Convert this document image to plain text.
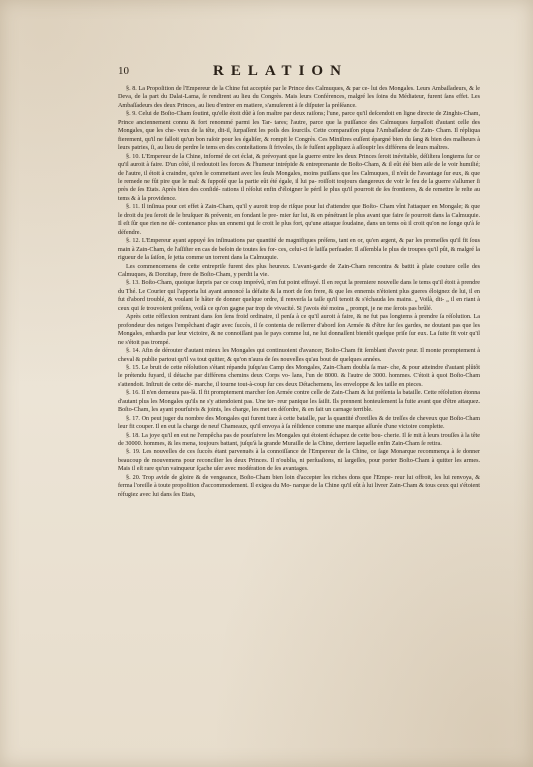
10	RELATION

§. 8. La Propoſition de l'Empereur de la Chine fut acceptée par le Prince des Calmuques, & par ce- lui des Mongales. Leurs Ambaſſadeurs, & le Deva, de la part du Dalai-Lama, ſe rendirent au lieu du Congrès. Mais leurs Conférences, malgré les ſoins du Médiateur, furent ſans effet. Les Ambaſſadeurs des deux Princes, au lieu d'entrer en matiere, s'amuſerent à ſe diſputer la préſéance.

§. 9. Celui de Boſto-Cham ſoutint, qu'elle étoit dûë à ſon maître par deux raiſons; l'une, parce qu'il deſcendoit en ligne directe de Zinghis-Cham, Prince anciennement connu & fort renommé parmi les Tar- tares; l'autre, parce que la puiſſance des Calmuques ſurpaſſoit d'autant celle des Mongales, que les che- veux de la tête, dit-il, ſurpaſſent les poils des ſourcils. Cette comparaiſon piqua l'Ambaſſadeur de Zain- Cham. Il répliqua fierement, qu'il ne falloit qu'un bon raſoir pour les égaliſer, & rompit le Congrès. Ces Miniſtres euſſent épargné bien du ſang & bien des malheurs à leurs patries, ſi, au lieu de perdre le tems en des conteſtations ſi frivoles, ils ſe fuſſent appliquez à aſſoupir les différens de leurs maîtres.

§. 10. L'Empereur de la Chine, informé de cet éclat, & prévoyant que la guerre entre les deux Princes ſeroit inévitable, déſiſtera longtems ſur ce qu'il auroit à faire. D'un côté, il redoutoit les forces & l'humeur intrépide & entreprenante de Boſto-Cham, & il eût été bien aiſe de le voir humilié; de l'autre, il étoit à craindre, qu'en le commettant avec les ſeuls Mongales, moins puiſſans que les Calmuques, il n'eût de l'avantage ſur eux, & que le remede ne fût pire que le mal: & ſuppoſé que la partie eût été égale, il lui pa- roiſſoit toujours dangereux de voir le feu de la guerre s'allumer ſi près de ſes Etats. Après bien des conſidé- rations il réſolut enfin d'éloigner le péril le plus qu'il pourroit de ſes frontieres, & de remettre le reſte au tems & à la providence.

§. 11. Il inſinua pour cet effet à Zain-Cham, qu'il y auroit trop de riſque pour lui d'attendre que Boſto- Cham vînt l'attaquer en Mongale; & que le droit du jeu ſeroit de le bruſquer & prévenir, en fondant le pre- mier ſur lui, & en pénétrant le plus avant que faire ſe pourroit dans la Calmuquie. Il eſt ſûr que rien ne dé- contenance plus un ennemi qui ſe croit le plus fort, qu'une attaque ſoudaine, dans un tems où il croit qu'on ne ſonge qu'à ſe défendre.

§. 12. L'Empereur ayant appuyé ſes inſinuations par quantité de magnifiques préſens, tant en or, qu'en argent, & par les promeſſes qu'il fit ſous main à Zain-Cham, de l'aſſiſter en cas de beſoin de toutes ſes for- ces, celui-ci ſe laiſſa perſuader. Il aſſembla le plus de troupes qu'il pût, & malgré la rigueur de la ſaiſon, ſe jetta comme un torrent dans la Calmuquie.

Les commencemens de cette entrepriſe furent des plus heureux. L'avant-garde de Zain-Cham rencontra & battit à plate couture celle des Calmuques, & Dorzitap, frere de Boſto-Cham, y perdit la vie.

§. 13. Boſto-Cham, quoique ſurpris par ce coup imprévû, n'en fut point effrayé. Il en reçut la premiere nouvelle dans le tems qu'il étoit à prendre du Thé. Le Courier qui l'apporta lui ayant annoncé la défaite & la mort de ſon frere, & que les ennemis n'étoient plus gueres éloignez de lui, il en fut d'abord troublé, & voulant le hâter de donner quelque ordre, il renverſa la taſſe qu'il tenoit & s'échauda les mains. „ Voilà, dit- „ il en riant à ceux qui ſe trouvoient préſens, voilà ce qu'on gagne par trop de vivacité. Si j'avois été moins „ prompt, je ne me ſerois pas brûlé.

Après cette réflexion rentrant dans ſon ſens froid ordinaire, il penſa à ce qu'il auroit à faire, & ne fut pas longtems à prendre ſa réſolution. La profondeur des neiges l'empêchant d'agir avec ſuccès, il ſe contenta de reſſerrer d'abord ſon Armée & d'être ſur ſes gardes, ne doutant pas que les Mongales, enhardis par leur victoire, & ne connoiſſant pas le pays comme lui, ne lui donnaſſent bientôt quelque priſe ſur eux. La ſuite fit voir qu'il ne s'étoit pas trompé.

§. 14. Afin de dérouter d'autant mieux les Mongales qui continuoient d'avancer, Boſto-Cham fit ſemblant d'avoir peur. Il monte promptement à cheval & publie partout qu'il va tout quitter, & qu'on n'aura de ſes nouvelles qu'au bout de quelques années.

§. 15. Le bruit de cette réſolution s'étant répandu juſqu'au Camp des Mongales, Zain-Cham doubla ſa mar- che, & pour atteindre d'autant plûtôt le prétendu fuyard, il détache par différens chemins deux Corps vo- lans, l'un de 8000. & l'autre de 3000. hommes. C'étoit à quoi Boſto-Cham s'attendoit. Inſtruit de cette dé- marche, il tourne tout-à-coup ſur ces deux Détachemens, les enveloppe & les taille en pieces.

§. 16. Il n'en demeura pas-là. Il fit promptement marcher ſon Armée contre celle de Zain-Cham & lui préſenta la bataille. Cette réſolution étonna d'autant plus les Mongales qu'ils ne s'y attendoient pas. Une ter- reur panique les ſaiſit. Ils prennent honteuſement la fuite avant que d'être attaquez. Boſto-Cham, les ayant pourſuivis & joints, les charge, les met en déſordre, & en fait un carnage terrible.

§. 17. On peut juger du nombre des Mongales qui furent tuez à cette bataille, par la quantité d'oreilles & de treſſes de cheveux que Boſto-Cham leur fit couper. Il en eut la charge de neuf Chameaux, qu'il envoya à ſa réſidence comme une marque aſſurée d'une victoire complette.

§. 18. La joye qu'il en eut ne l'empêcha pas de pourſuivre les Mongales qui étoient échapez de cette bou- cherie. Il ſe mit à leurs trouſſes à la tête de 30000. hommes, & les mena, toujours battant, juſqu'à la grande Muraille de la Chine, derriere laquelle enfin Zain-Cham ſe retira.

§. 19. Les nouvelles de ces ſuccès étant parvenuës à la connoiſſance de l'Empereur de la Chine, ce ſage Monarque recommença à ſe donner beaucoup de mouvemens pour reconcilier les deux Princes. Il n'oublia, ni perſuaſions, ni largeſſes, pour porter Boſto-Cham à quitter les armes. Mais il eſt rare qu'un vainqueur ſçache uſer avec modération de ſes avantages.

§. 20. Trop avide de gloire & de vengeance, Boſto-Cham bien loin d'accepter les riches dons que l'Empe- reur lui offroit, les lui renvoya, & ferma l'oreille à toute propoſition d'accommodement. Il exigea du Mo- narque de la Chine qu'il eût à lui livrer Zain-Cham & tous ceux qui s'étoient réfugiez avec lui dans ſes Etats,
